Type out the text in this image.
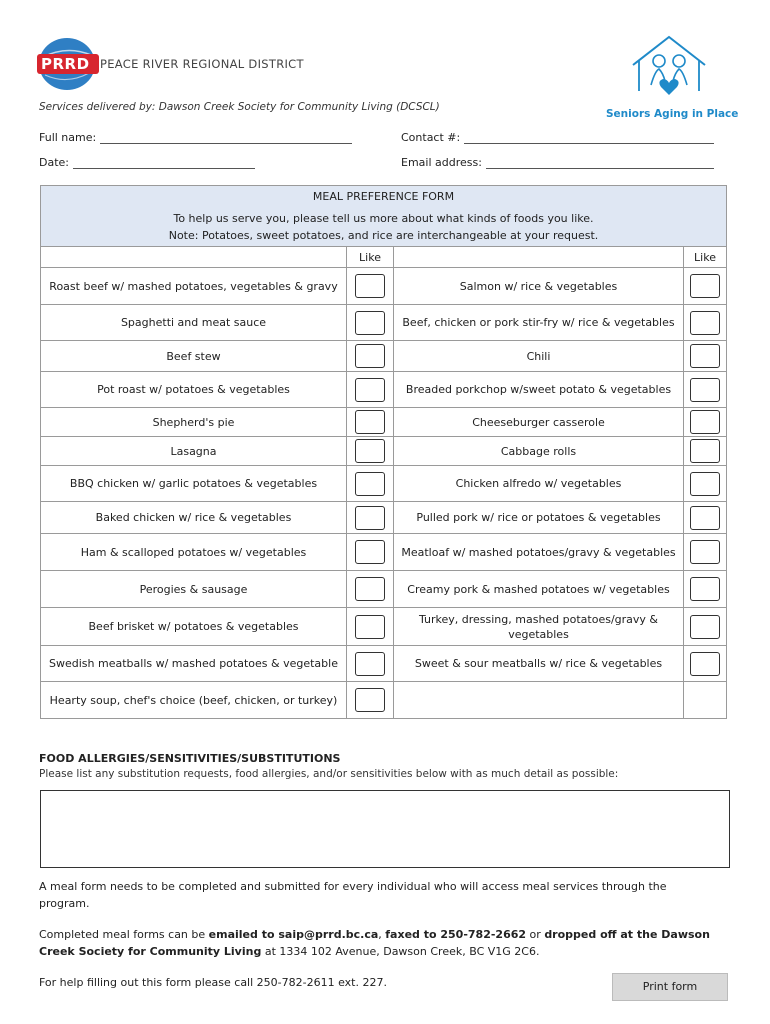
PRRD PEACE RIVER REGIONAL DISTRICT
Seniors Aging in Place
Services delivered by: Dawson Creek Society for Community Living (DCSCL)
Full name:	Contact #:
Date:	Email address:
MEAL PREFERENCE FORM
To help us serve you, please tell us more about what kinds of foods you like.
Note: Potatoes, sweet potatoes, and rice are interchangeable at your request.			

	Like		Like
Roast beef w/ mashed potatoes, vegetables & gravy		Salmon w/ rice & vegetables	
Spaghetti and meat sauce		Beef, chicken or pork stir-fry w/ rice & vegetables	
Beef stew		Chili	
Pot roast w/ potatoes & vegetables		Breaded porkchop w/sweet potato & vegetables	
Shepherd's pie		Cheeseburger casserole	
Lasagna		Cabbage rolls	
BBQ chicken w/ garlic potatoes & vegetables		Chicken alfredo w/ vegetables	
Baked chicken w/ rice & vegetables		Pulled pork w/ rice or potatoes & vegetables	
Ham & scalloped potatoes w/ vegetables		Meatloaf w/ mashed potatoes/gravy & vegetables	
Perogies & sausage		Creamy pork & mashed potatoes w/ vegetables	
Beef brisket w/ potatoes & vegetables		Turkey, dressing, mashed potatoes/gravy & vegetables	
Swedish meatballs w/ mashed potatoes & vegetable		Sweet & sour meatballs w/ rice & vegetables	
Hearty soup, chef's choice (beef, chicken, or turkey)			
FOOD ALLERGIES/SENSITIVITIES/SUBSTITUTIONS
Please list any substitution requests, food allergies, and/or sensitivities below with as much detail as possible:
A meal form needs to be completed and submitted for every individual who will access meal services through the program.
Completed meal forms can be emailed to saip@prrd.bc.ca, faxed to 250-782-2662 or dropped off at the Dawson Creek Society for Community Living at 1334 102 Avenue, Dawson Creek, BC V1G 2C6.
For help filling out this form please call 250-782-2611 ext. 227.	Print form
